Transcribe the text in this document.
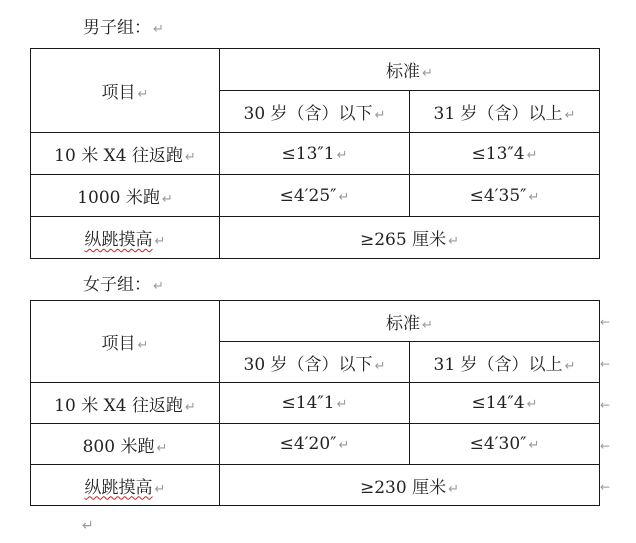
男子组： ↵
项目 ↵	标准 ↵	
	30 岁（含）以下 ↵	31 岁（含）以上 ↵
10 米 X4 往返跑 ↵	≤13″1 ↵	≤13″4 ↵
1000 米跑 ↵	≤4′25″ ↵	≤4′35″ ↵
纵跳摸高 ↵	≥265 厘米 ↵	
女子组： ↵
项目 ↵	标准 ↵	
	30 岁（含）以下 ↵	31 岁（含）以上 ↵
10 米 X4 往返跑 ↵	≤14″1 ↵	≤14″4 ↵
800 米跑 ↵	≤4′20″ ↵	≤4′30″ ↵
纵跳摸高 ↵	≥230 厘米 ↵	
←
←
←
←
←
↵
